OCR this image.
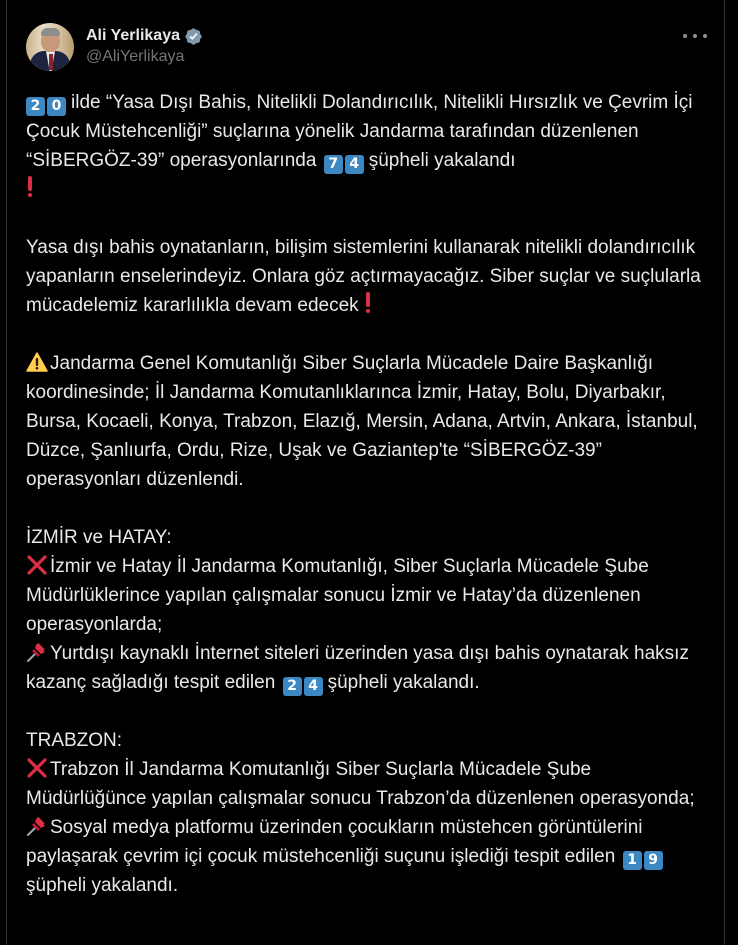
Ali Yerlikaya
@AliYerlikaya

2 0 ilde “Yasa Dışı Bahis, Nitelikli Dolandırıcılık, Nitelikli Hırsızlık ve Çevrim İçi Çocuk Müstehcenliği” suçlarına yönelik Jandarma tarafından düzenlenen “SİBERGÖZ-39” operasyonlarında 7 4 şüpheli yakalandı

Yasa dışı bahis oynatanların, bilişim sistemlerini kullanarak nitelikli dolandırıcılık yapanların enselerindeyiz. Onlara göz açtırmayacağız. Siber suçlar ve suçlularla mücadelemiz kararlılıkla devam edecek

Jandarma Genel Komutanlığı Siber Suçlarla Mücadele Daire Başkanlığı koordinesinde; İl Jandarma Komutanlıklarınca İzmir, Hatay, Bolu, Diyarbakır, Bursa, Kocaeli, Konya, Trabzon, Elazığ, Mersin, Adana, Artvin, Ankara, İstanbul, Düzce, Şanlıurfa, Ordu, Rize, Uşak ve Gaziantep'te “SİBERGÖZ-39” operasyonları düzenlendi.

İZMİR ve HATAY:
İzmir ve Hatay İl Jandarma Komutanlığı, Siber Suçlarla Mücadele Şube Müdürlüklerince yapılan çalışmalar sonucu İzmir ve Hatay’da düzenlenen operasyonlarda;
Yurtdışı kaynaklı İnternet siteleri üzerinden yasa dışı bahis oynatarak haksız kazanç sağladığı tespit edilen 2 4 şüpheli yakalandı.

TRABZON:
Trabzon İl Jandarma Komutanlığı Siber Suçlarla Mücadele Şube Müdürlüğünce yapılan çalışmalar sonucu Trabzon’da düzenlenen operasyonda;
Sosyal medya platformu üzerinden çocukların müstehcen görüntülerini paylaşarak çevrim içi çocuk müstehcenliği suçunu işlediği tespit edilen 1 9şüpheli yakalandı.
